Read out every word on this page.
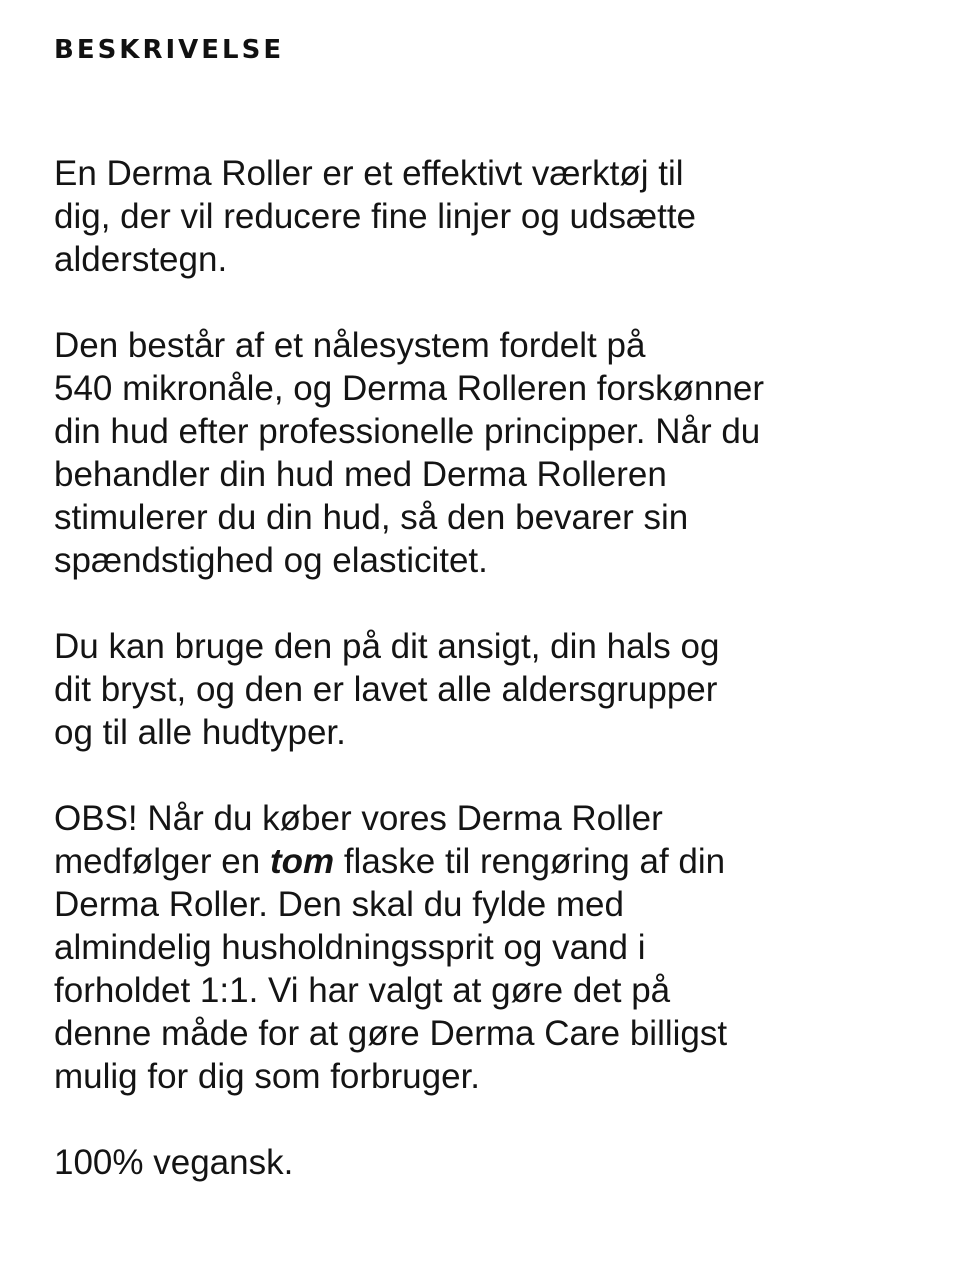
BESKRIVELSE

En Derma Roller er et effektivt værktøj til
dig, der vil reducere fine linjer og udsætte
alderstegn.

Den består af et nålesystem fordelt på
540 mikronåle, og Derma Rolleren forskønner
din hud efter professionelle principper. Når du
behandler din hud med Derma Rolleren
stimulerer du din hud, så den bevarer sin
spændstighed og elasticitet.

Du kan bruge den på dit ansigt, din hals og
dit bryst, og den er lavet alle aldersgrupper
og til alle hudtyper.

OBS! Når du køber vores Derma Roller
medfølger en tom flaske til rengøring af din
Derma Roller. Den skal du fylde med
almindelig husholdningssprit og vand i
forholdet 1:1. Vi har valgt at gøre det på
denne måde for at gøre Derma Care billigst
mulig for dig som forbruger.

100% vegansk.
